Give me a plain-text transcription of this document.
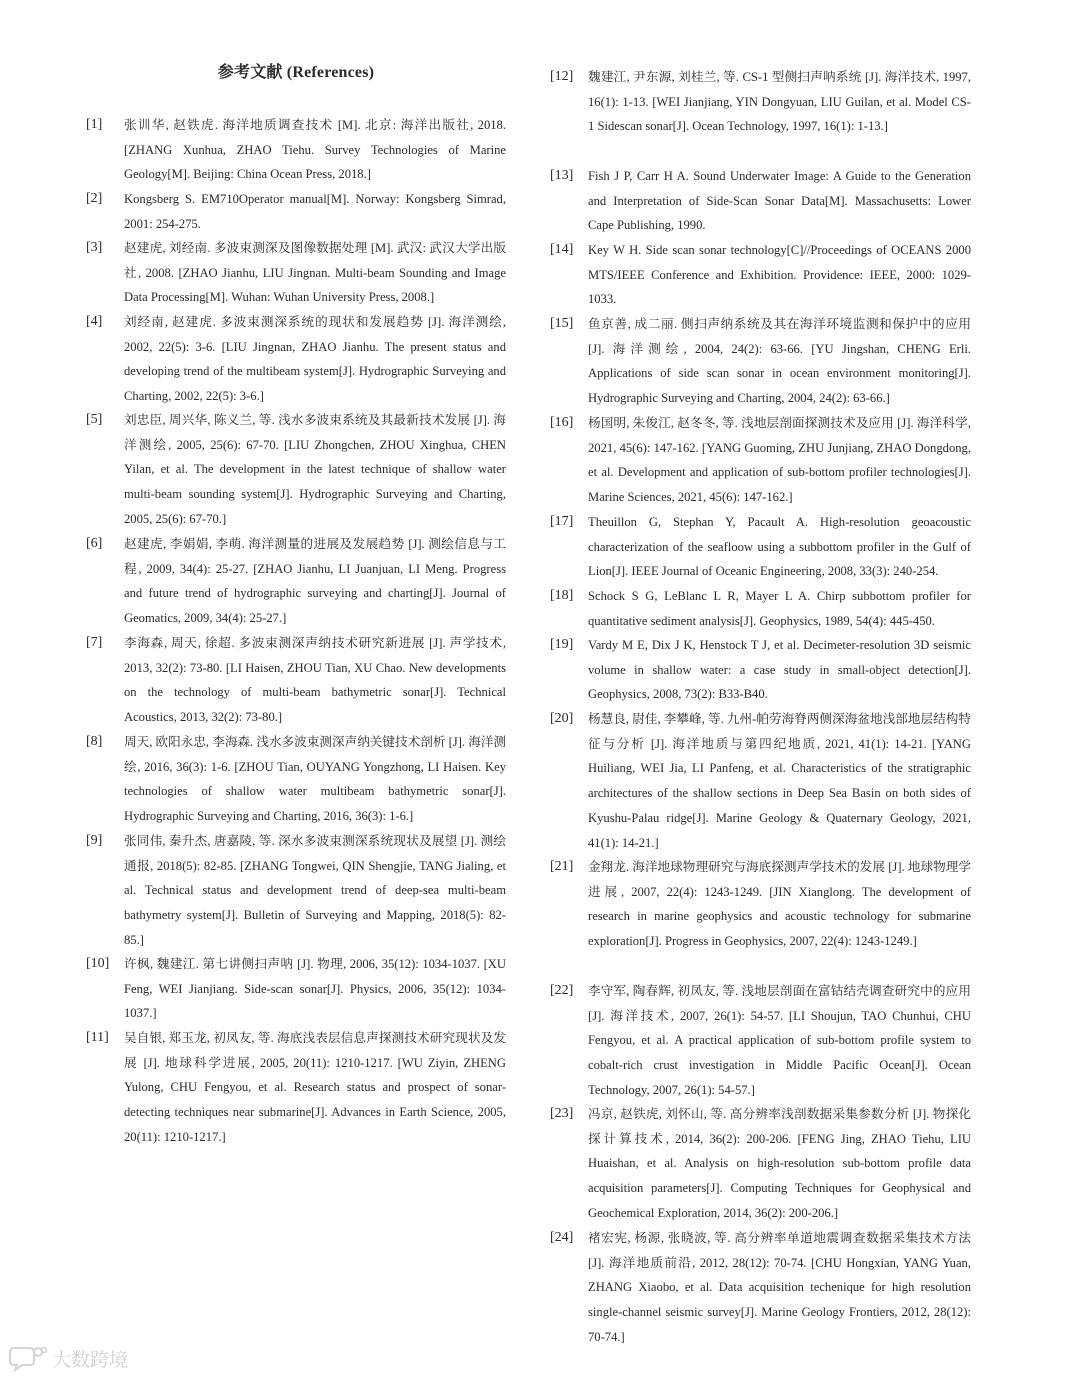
参考文献 (References)
[1] 张训华, 赵铁虎. 海洋地质调查技术 [M]. 北京: 海洋出版社, 2018. [ZHANG Xunhua, ZHAO Tiehu. Survey Technologies of Marine Geology[M]. Beijing: China Ocean Press, 2018.]
[2] Kongsberg S. EM710Operator manual[M]. Norway: Kongsberg Simrad, 2001: 254-275.
[3] 赵建虎, 刘经南. 多波束测深及图像数据处理 [M]. 武汉: 武汉大学出版社, 2008. [ZHAO Jianhu, LIU Jingnan. Multi-beam Sounding and Image Data Processing[M]. Wuhan: Wuhan University Press, 2008.]
[4] 刘经南, 赵建虎. 多波束测深系统的现状和发展趋势 [J]. 海洋测绘, 2002, 22(5): 3-6. [LIU Jingnan, ZHAO Jianhu. The present status and developing trend of the multibeam system[J]. Hydrographic Surveying and Charting, 2002, 22(5): 3-6.]
[5] 刘忠臣, 周兴华, 陈义兰, 等. 浅水多波束系统及其最新技术发展 [J]. 海洋测绘, 2005, 25(6): 67-70. [LIU Zhongchen, ZHOU Xinghua, CHEN Yilan, et al. The development in the latest technique of shallow water multi-beam sounding system[J]. Hydrographic Surveying and Charting, 2005, 25(6): 67-70.]
[6] 赵建虎, 李娟娟, 李萌. 海洋测量的进展及发展趋势 [J]. 测绘信息与工程, 2009, 34(4): 25-27. [ZHAO Jianhu, LI Juanjuan, LI Meng. Progress and future trend of hydrographic surveying and charting[J]. Journal of Geomatics, 2009, 34(4): 25-27.]
[7] 李海森, 周天, 徐超. 多波束测深声纳技术研究新进展 [J]. 声学技术, 2013, 32(2): 73-80. [LI Haisen, ZHOU Tian, XU Chao. New developments on the technology of multi-beam bathymetric sonar[J]. Technical Acoustics, 2013, 32(2): 73-80.]
[8] 周天, 欧阳永忠, 李海森. 浅水多波束测深声纳关键技术剖析 [J]. 海洋测绘, 2016, 36(3): 1-6. [ZHOU Tian, OUYANG Yongzhong, LI Haisen. Key technologies of shallow water multibeam bathymetric sonar[J]. Hydrographic Surveying and Charting, 2016, 36(3): 1-6.]
[9] 张同伟, 秦升杰, 唐嘉陵, 等. 深水多波束测深系统现状及展望 [J]. 测绘通报, 2018(5): 82-85. [ZHANG Tongwei, QIN Shengjie, TANG Jialing, et al. Technical status and development trend of deep-sea multi-beam bathymetry system[J]. Bulletin of Surveying and Mapping, 2018(5): 82-85.]
[10] 许枫, 魏建江. 第七讲侧扫声呐 [J]. 物理, 2006, 35(12): 1034-1037. [XU Feng, WEI Jianjiang. Side-scan sonar[J]. Physics, 2006, 35(12): 1034-1037.]
[11] 吴自银, 郑玉龙, 初凤友, 等. 海底浅表层信息声探测技术研究现状及发展 [J]. 地球科学进展, 2005, 20(11): 1210-1217. [WU Ziyin, ZHENG Yulong, CHU Fengyou, et al. Research status and prospect of sonar-detecting techniques near submarine[J]. Advances in Earth Science, 2005, 20(11): 1210-1217.]
[12] 魏建江, 尹东源, 刘桂兰, 等. CS-1 型侧扫声呐系统 [J]. 海洋技术, 1997, 16(1): 1-13. [WEI Jianjiang, YIN Dongyuan, LIU Guilan, et al. Model CS-1 Sidescan sonar[J]. Ocean Technology, 1997, 16(1): 1-13.]
[13] Fish J P, Carr H A. Sound Underwater Image: A Guide to the Generation and Interpretation of Side-Scan Sonar Data[M]. Massachusetts: Lower Cape Publishing, 1990.
[14] Key W H. Side scan sonar technology[C]//Proceedings of OCEANS 2000 MTS/IEEE Conference and Exhibition. Providence: IEEE, 2000: 1029-1033.
[15] 鱼京善, 成二丽. 侧扫声纳系统及其在海洋环境监测和保护中的应用 [J]. 海洋测绘, 2004, 24(2): 63-66. [YU Jingshan, CHENG Erli. Applications of side scan sonar in ocean environment monitoring[J]. Hydrographic Surveying and Charting, 2004, 24(2): 63-66.]
[16] 杨国明, 朱俊江, 赵冬冬, 等. 浅地层剖面探测技术及应用 [J]. 海洋科学, 2021, 45(6): 147-162. [YANG Guoming, ZHU Junjiang, ZHAO Dongdong, et al. Development and application of sub-bottom profiler technologies[J]. Marine Sciences, 2021, 45(6): 147-162.]
[17] Theuillon G, Stephan Y, Pacault A. High-resolution geoacoustic characterization of the seafloow using a subbottom profiler in the Gulf of Lion[J]. IEEE Journal of Oceanic Engineering, 2008, 33(3): 240-254.
[18] Schock S G, LeBlanc L R, Mayer L A. Chirp subbottom profiler for quantitative sediment analysis[J]. Geophysics, 1989, 54(4): 445-450.
[19] Vardy M E, Dix J K, Henstock T J, et al. Decimeter-resolution 3D seismic volume in shallow water: a case study in small-object detection[J]. Geophysics, 2008, 73(2): B33-B40.
[20] 杨慧良, 尉佳, 李攀峰, 等. 九州-帕劳海脊两侧深海盆地浅部地层结构特征与分析 [J]. 海洋地质与第四纪地质, 2021, 41(1): 14-21. [YANG Huiliang, WEI Jia, LI Panfeng, et al. Characteristics of the stratigraphic architectures of the shallow sections in Deep Sea Basin on both sides of Kyushu-Palau ridge[J]. Marine Geology & Quaternary Geology, 2021, 41(1): 14-21.]
[21] 金翔龙. 海洋地球物理研究与海底探测声学技术的发展 [J]. 地球物理学进展, 2007, 22(4): 1243-1249. [JIN Xianglong. The development of research in marine geophysics and acoustic technology for submarine exploration[J]. Progress in Geophysics, 2007, 22(4): 1243-1249.]
[22] 李守军, 陶春辉, 初凤友, 等. 浅地层剖面在富钴结壳调查研究中的应用 [J]. 海洋技术, 2007, 26(1): 54-57. [LI Shoujun, TAO Chunhui, CHU Fengyou, et al. A practical application of sub-bottom profile system to cobalt-rich crust investigation in Middle Pacific Ocean[J]. Ocean Technology, 2007, 26(1): 54-57.]
[23] 冯京, 赵铁虎, 刘怀山, 等. 高分辨率浅剖数据采集参数分析 [J]. 物探化探计算技术, 2014, 36(2): 200-206. [FENG Jing, ZHAO Tiehu, LIU Huaishan, et al. Analysis on high-resolution sub-bottom profile data acquisition parameters[J]. Computing Techniques for Geophysical and Geochemical Exploration, 2014, 36(2): 200-206.]
[24] 褚宏宪, 杨源, 张晓波, 等. 高分辨率单道地震调查数据采集技术方法 [J]. 海洋地质前沿, 2012, 28(12): 70-74. [CHU Hongxian, YANG Yuan, ZHANG Xiaobo, et al. Data acquisition techenique for high resolution single-channel seismic survey[J]. Marine Geology Frontiers, 2012, 28(12): 70-74.]
大数跨境
